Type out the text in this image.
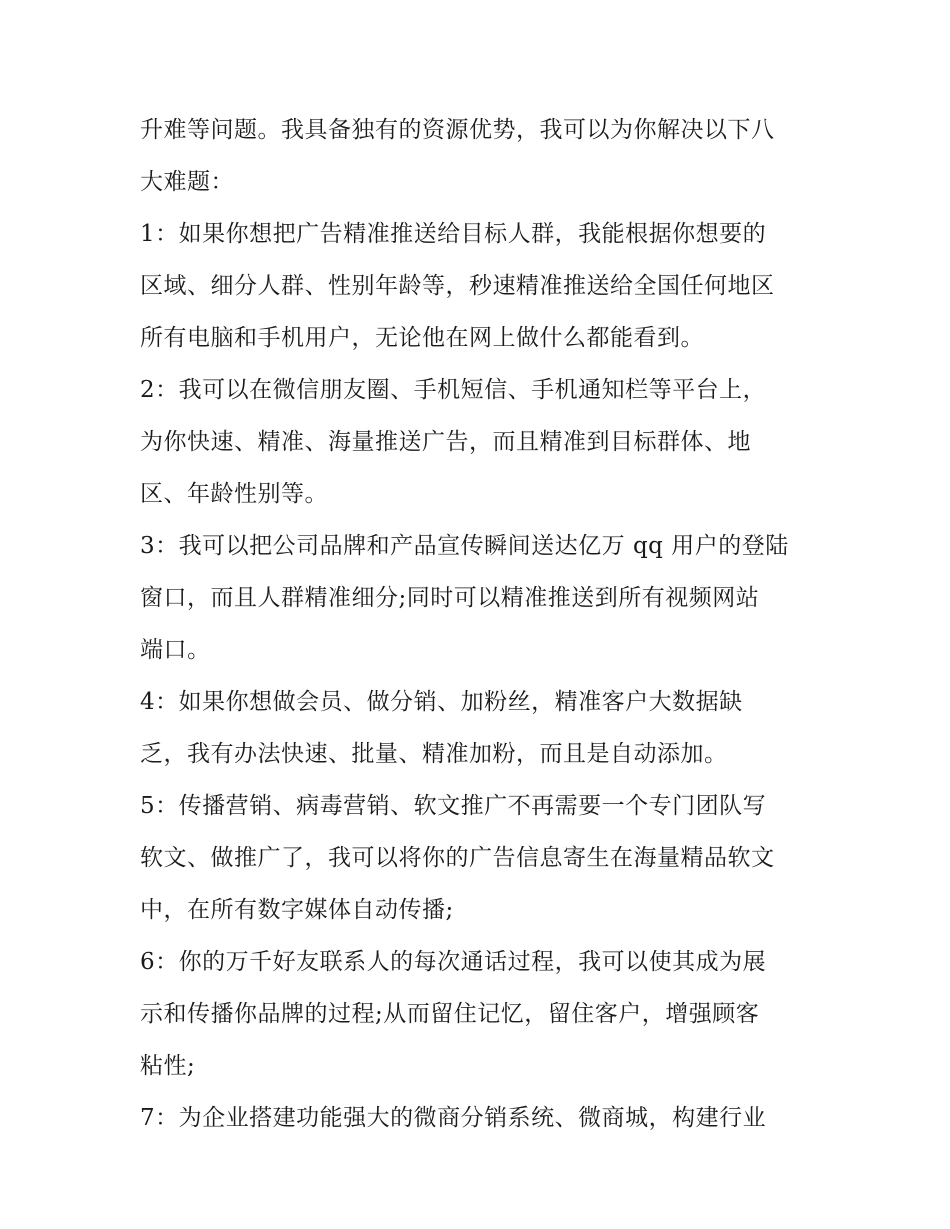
升难等问题。我具备独有的资源优势，我可以为你解决以下八
大难题：
1：如果你想把广告精准推送给目标人群，我能根据你想要的
区域、细分人群、性别年龄等，秒速精准推送给全国任何地区
所有电脑和手机用户，无论他在网上做什么都能看到。
2：我可以在微信朋友圈、手机短信、手机通知栏等平台上，
为你快速、精准、海量推送广告，而且精准到目标群体、地
区、年龄性别等。
3：我可以把公司品牌和产品宣传瞬间送达亿万 qq 用户的登陆
窗口，而且人群精准细分;同时可以精准推送到所有视频网站
端口。
4：如果你想做会员、做分销、加粉丝，精准客户大数据缺
乏，我有办法快速、批量、精准加粉，而且是自动添加。
5：传播营销、病毒营销、软文推广不再需要一个专门团队写
软文、做推广了，我可以将你的广告信息寄生在海量精品软文
中，在所有数字媒体自动传播;
6：你的万千好友联系人的每次通话过程，我可以使其成为展
示和传播你品牌的过程;从而留住记忆，留住客户，增强顾客
粘性;
7：为企业搭建功能强大的微商分销系统、微商城，构建行业
